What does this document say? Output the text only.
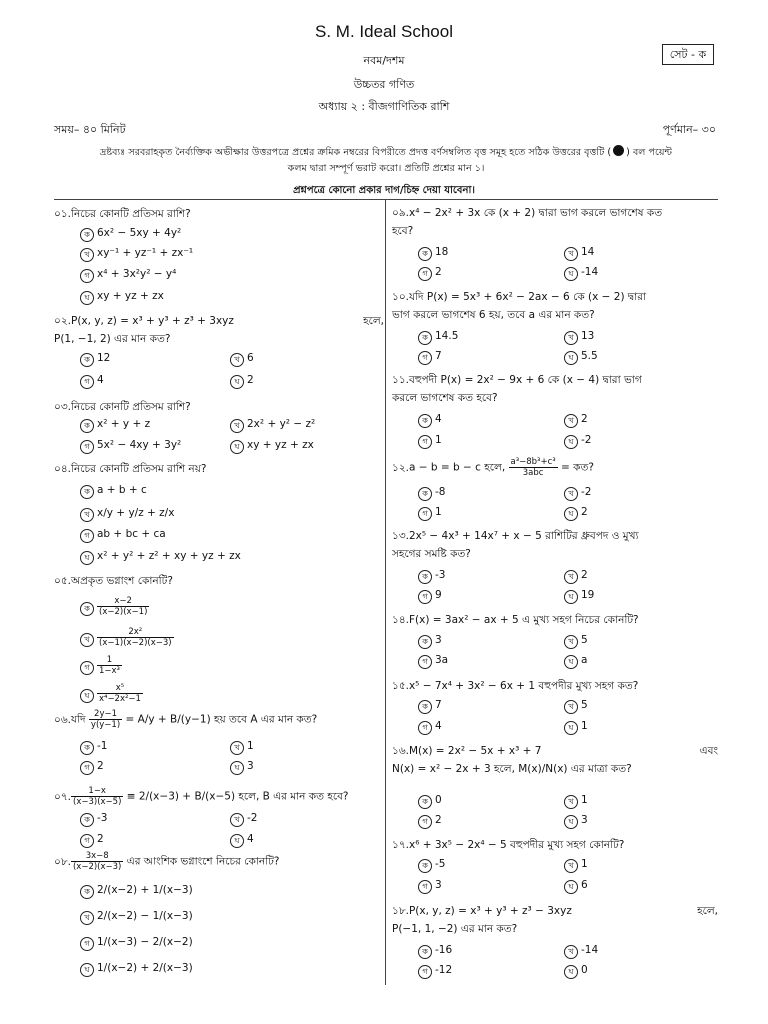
S. M. Ideal School
নবম/দশম
উচ্চতর গণিত
অধ্যায় ২ : বীজগাণিতিক রাশি
সেট - ক
সময়– ৪০ মিনিট	পূর্ণমান– ৩০
দ্রষ্টব্যঃ সরবরাহকৃত নৈর্ব্যক্তিক অভীক্ষার উত্তরপত্রে প্রশ্নের ক্রমিক নম্বরের বিপরীতে প্রদত্ত বর্ণসম্বলিত বৃত্ত সমূহ হতে সঠিক উত্তরের বৃত্তটি ( ) বল পয়েন্ট
কলম দ্বারা সম্পূর্ণ ভরাট করো। প্রতিটি প্রশ্নের মান ১।
প্রশ্নপত্রে কোনো প্রকার দাগ/চিহ্ন দেয়া যাবেনা।
০১.নিচের কোনটি প্রতিসম রাশি?
ক 6x² − 5xy + 4y²
খ xy⁻¹ + yz⁻¹ + zx⁻¹
গ x⁴ + 3x²y² − y⁴
ঘ xy + yz + zx
০২.P(x, y, z) = x³ + y³ + z³ + 3xyz	হলে,

P(1, −1, 2) এর মান কত?
ক 12	খ 6
গ 4	ঘ 2
০৩.নিচের কোনটি প্রতিসম রাশি?
ক x² + y + z	খ 2x² + y² − z²
গ 5x² − 4xy + 3y²	ঘ xy + yz + zx
০৪.নিচের কোনটি প্রতিসম রাশি নয়?
ক a + b + c
খ x/y + y/z + z/x
গ ab + bc + ca
ঘ x² + y² + z² + xy + yz + zx
০৫.অপ্রকৃত ভগ্নাংশ কোনটি?
ক $\frac{x-2}{(x-2)(x-1)}$
খ $\frac{\text{2x²}}{(x-1)(x-2)(x-3)}$
গ $\frac{1}{\text{1−x³}}$
ঘ $\frac{\text{x⁵}}{\text{x⁴−2x²−1}}$
০৬.যদি $\frac{2y-1}{y(y-1)} = A/y + B/(y-1)$ হয় তবে A এর মান কত?
ক -1	খ 1
গ 2	ঘ 3
০৭. $\frac{1-x}{(x-3)(x-5)} \equiv 2/(x-3) + B/(x-5)$ হলে, B এর মান কত হবে?
ক -3	খ -2
গ 2	ঘ 4
০৮. $\frac{3x-8}{(x-2)(x-3)}$ এর আংশিক ভগ্নাংশে নিচের কোনটি?
ক 2/(x−2) + 1/(x−3)
খ 2/(x−2) − 1/(x−3)
গ 1/(x−3) − 2/(x−2)
ঘ 1/(x−2) + 2/(x−3)
০৯.x⁴ − 2x² + 3x কে (x + 2) দ্বারা ভাগ করলে ভাগশেষ কত
হবে?
ক 18	খ 14
গ 2	ঘ -14
১০.যদি P(x) = 5x³ + 6x² − 2ax − 6 কে (x − 2) দ্বারা
ভাগ করলে ভাগশেষ 6 হয়, তবে a এর মান কত?
ক 14.5	খ 13
গ 7	ঘ 5.5
১১.বহুপদী P(x) = 2x² − 9x + 6 কে (x − 4) দ্বারা ভাগ
করলে ভাগশেষ কত হবে?
ক 4	খ 2
গ 1	ঘ -2
১২.a − b = b − c হলে, $\frac{\text{a³−8b³+c³}}{\text{3abc}}$ = কত?
ক -8	খ -2
গ 1	ঘ 2
১৩.2x⁵ − 4x³ + 14x⁷ + x − 5 রাশিটির ধ্রুবপদ ও মুখ্য
সহগের সমষ্টি কত?
ক -3	খ 2
গ 9	ঘ 19
১৪.F(x) = 3ax² − ax + 5 এ মুখ্য সহগ নিচের কোনটি?
ক 3	খ 5
গ 3a	ঘ a
১৫.x⁵ − 7x⁴ + 3x² − 6x + 1 বহুপদীর মুখ্য সহগ কত?
ক 7	খ 5
গ 4	ঘ 1
১৬.M(x) = 2x² − 5x + x³ + 7	এবং

N(x) = x² − 2x + 3 হলে, M(x)/N(x) এর মাত্রা কত?
ক 0	খ 1
গ 2	ঘ 3
১৭.x⁶ + 3x⁵ − 2x⁴ − 5 বহুপদীর মুখ্য সহগ কোনটি?
ক -5	খ 1
গ 3	ঘ 6
১৮.P(x, y, z) = x³ + y³ + z³ − 3xyz	হলে,

P(−1, 1, −2) এর মান কত?
ক -16	খ -14
গ -12	ঘ 0
